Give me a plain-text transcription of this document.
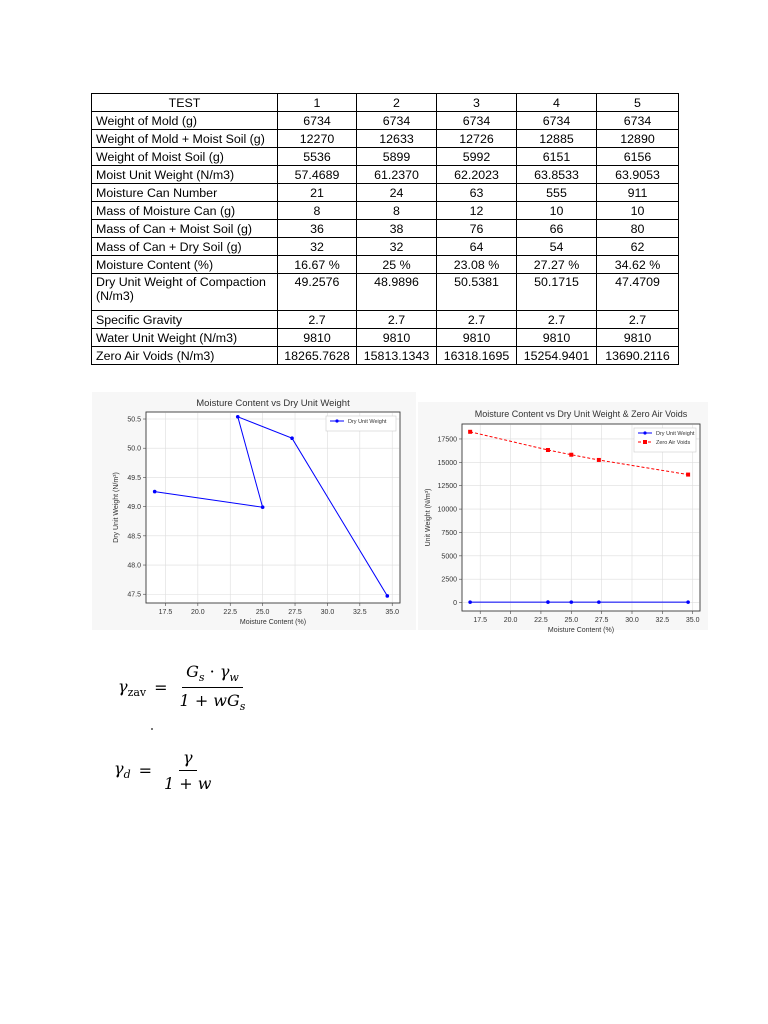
TEST	1	2	3	4	5
Weight of Mold (g)	6734	6734	6734	6734	6734
Weight of Mold + Moist Soil (g)	12270	12633	12726	12885	12890
Weight of Moist Soil (g)	5536	5899	5992	6151	6156
Moist Unit Weight (N/m3)	57.4689	61.2370	62.2023	63.8533	63.9053
Moisture Can Number	21	24	63	555	911
Mass of Moisture Can (g)	8	8	12	10	10
Mass of Can + Moist Soil (g)	36	38	76	66	80
Mass of Can + Dry Soil (g)	32	32	64	54	62
Moisture Content (%)	16.67 %	25 %	23.08 %	27.27 %	34.62 %
Dry Unit Weight of Compaction (N/m3)	49.2576	48.9896	50.5381	50.1715	47.4709
Specific Gravity	2.7	2.7	2.7	2.7	2.7
Water Unit Weight (N/m3)	9810	9810	9810	9810	9810
Zero Air Voids (N/m3)	18265.7628	15813.1343	16318.1695	15254.9401	13690.2116
17.5	20.0	22.5	25.0	27.5	30.0	32.5	35.0
47.5
48.0
48.5
49.0
49.5
50.0
50.5
Moisture Content vs Dry Unit Weight
Moisture Content (%)
Dry Unit Weight (N/m³)
Dry Unit Weight
17.5 20.0 22.5 25.0 27.5 30.0 32.5 35.0
0
2500
5000
7500
10000
12500
15000
17500
Moisture Content vs Dry Unit Weight & Zero Air Voids
Moisture Content (%)
Unit Weight (N/m³)
Dry Unit Weight
Zero Air Voids
$\gamma_{zav} = \frac{G_s \cdot \gamma_w}{1 + wG_s}$
$\gamma_d = \frac{\gamma}{1 + w}$
